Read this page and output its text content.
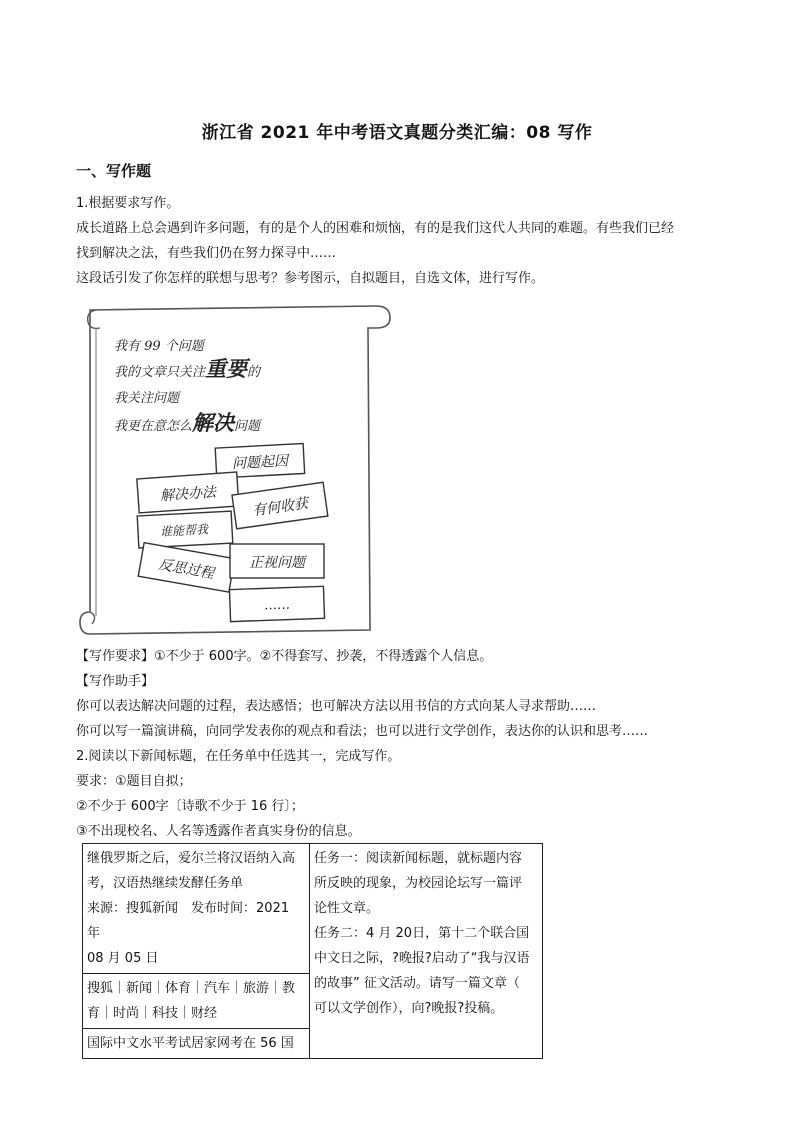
浙江省 2021 年中考语文真题分类汇编：08 写作
一、写作题
1.根据要求写作。
成长道路上总会遇到许多问题，有的是个人的困难和烦恼，有的是我们这代人共同的难题。有些我们已经
找到解决之法，有些我们仍在努力探寻中……
这段话引发了你怎样的联想与思考？参考图示，自拟题目，自选文体，进行写作。
我有 99 个问题
我的文章只关注重要的
我关注问题
我更在意怎么解决问题
问题起因
解决办法
有何收获
谁能帮我
反思过程 正视问题
……
【写作要求】①不少于 600字。②不得套写、抄袭，不得透露个人信息。
【写作助手】
你可以表达解决问题的过程，表达感悟；也可解决方法以用书信的方式向某人寻求帮助……
你可以写一篇演讲稿，向同学发表你的观点和看法；也可以进行文学创作，表达你的认识和思考……
2.阅读以下新闻标题，在任务单中任选其一，完成写作。
要求：①题目自拟；
②不少于 600字〔诗歌不少于 16 行〕；
③不出现校名、人名等透露作者真实身份的信息。
继俄罗斯之后，爱尔兰将汉语纳入高
考，汉语热继续发酵任务单
来源：搜狐新闻　发布时间：2021 年
08 月 05 日

任务一：阅读新闻标题，就标题内容
所反映的现象，为校园论坛写一篇评
论性文章。
任务二：4 月 20日，第十二个联合国
中文日之际，?晚报?启动了“我与汉语
的故事” 征文活动。请写一篇文章（
可以文学创作），向?晚报?投稿。

搜狐｜新闻｜体育｜汽车｜旅游｜教
育｜时尚｜科技｜财经

国际中文水平考试居家网考在 56 国
